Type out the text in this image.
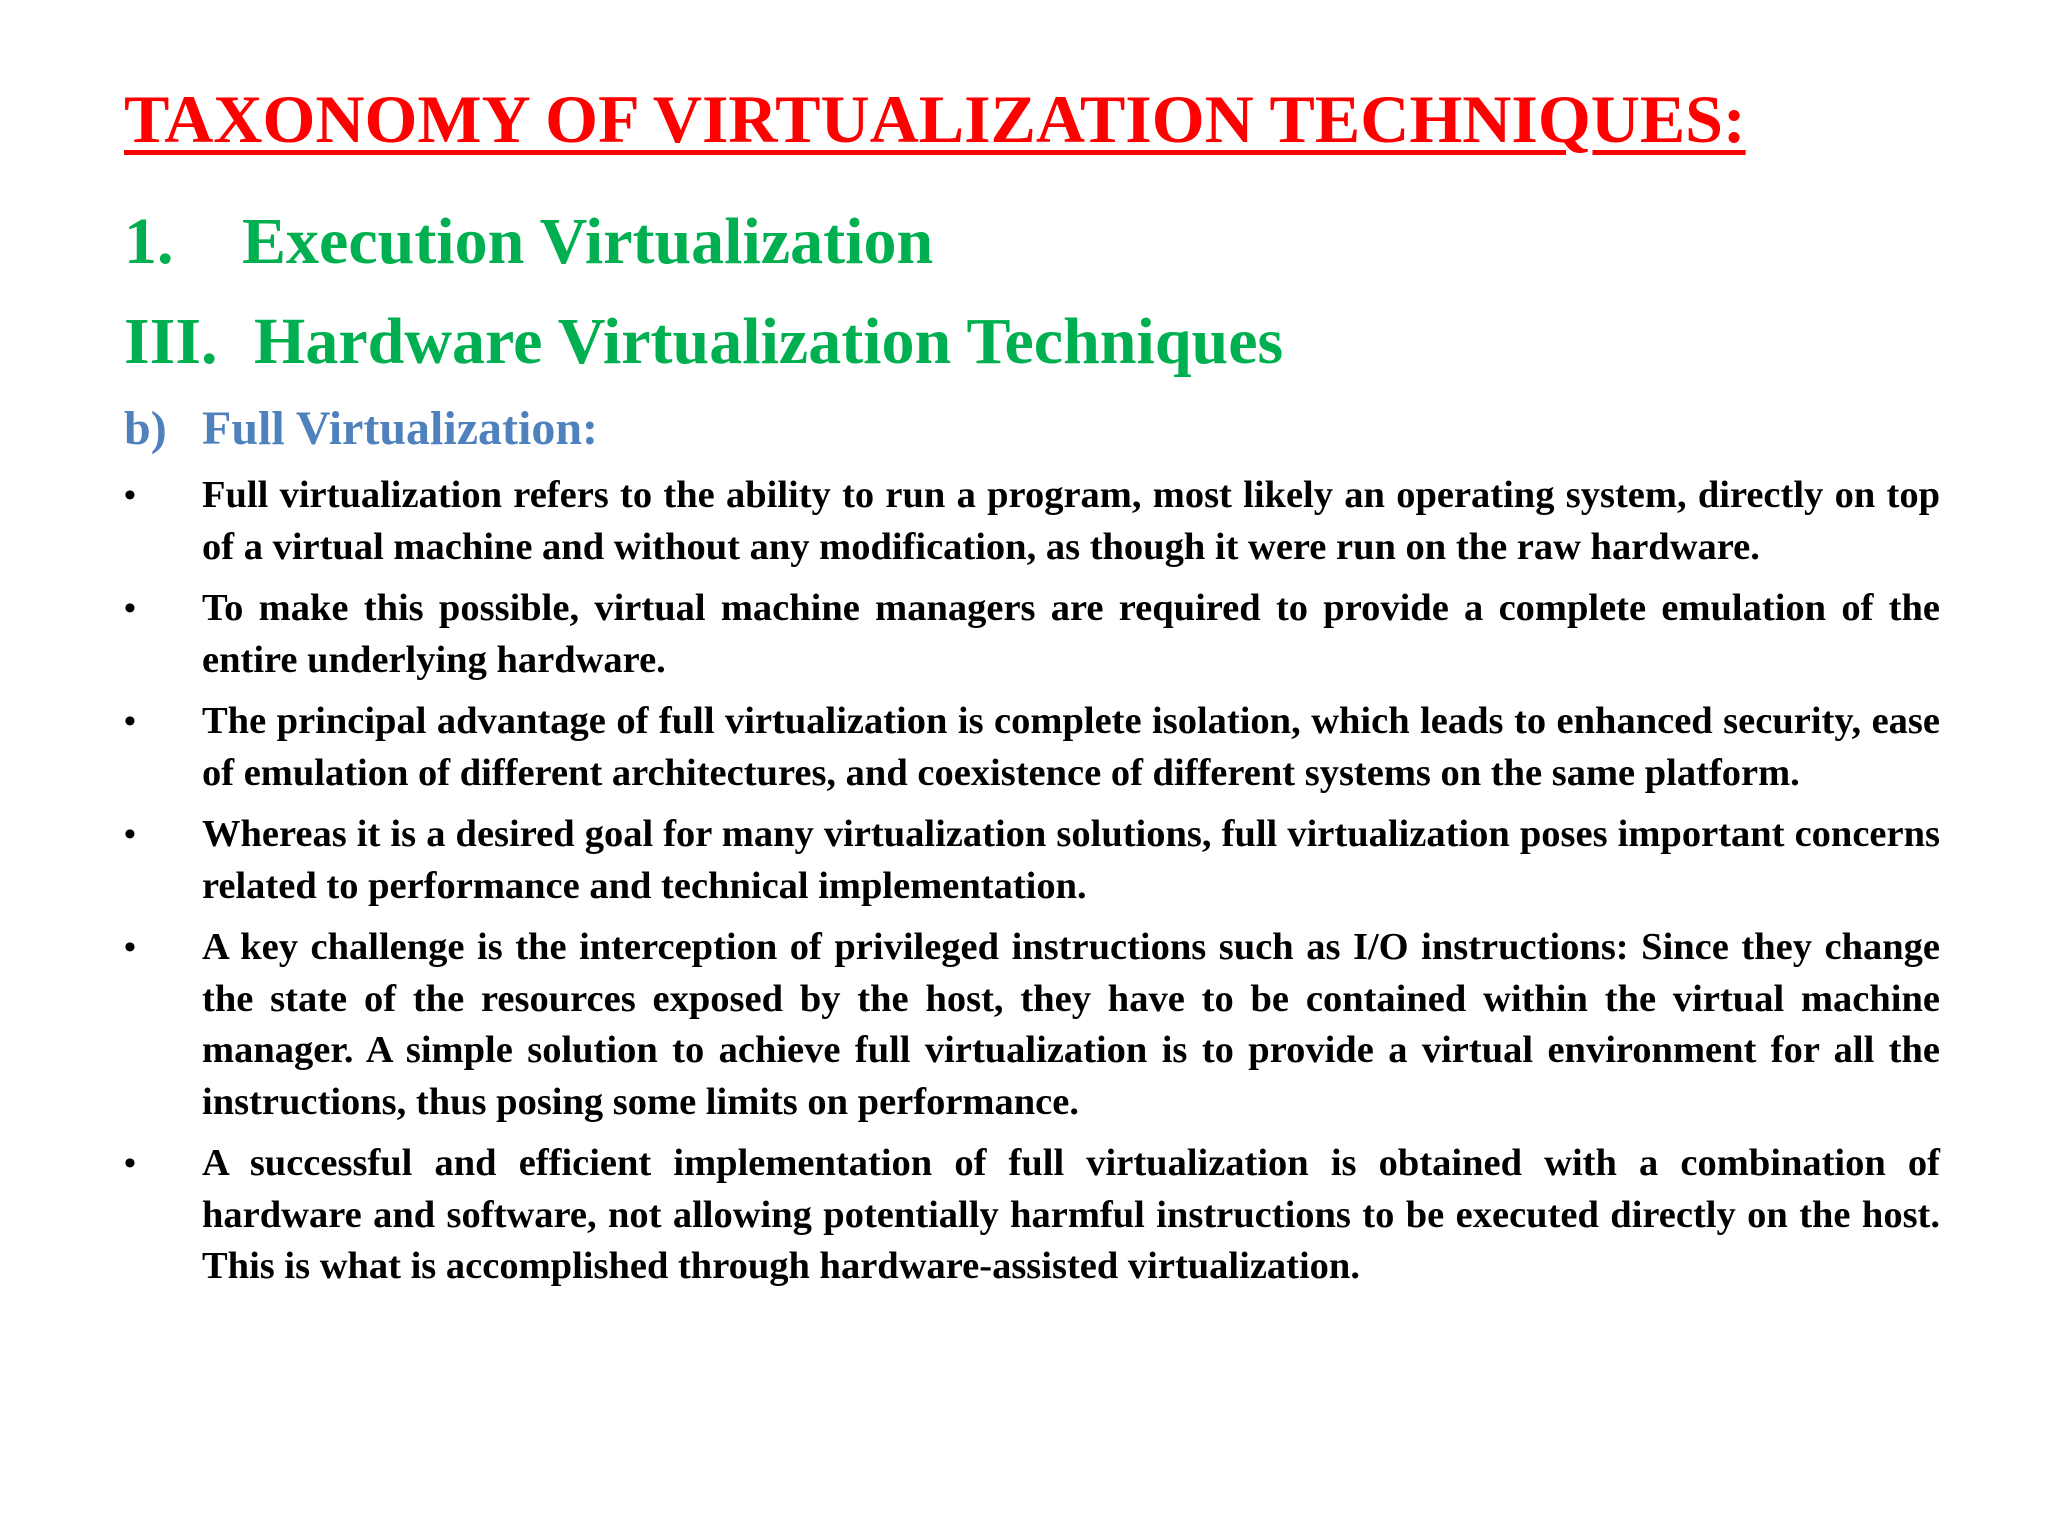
TAXONOMY OF VIRTUALIZATION TECHNIQUES:
1. Execution Virtualization
III. Hardware Virtualization Techniques
b) Full Virtualization:
• Full virtualization refers to the ability to run a program, most likely an operating system, directly on top of a virtual machine and without any modification, as though it were run on the raw hardware.
• To make this possible, virtual machine managers are required to provide a complete emulation of the entire underlying hardware.
• The principal advantage of full virtualization is complete isolation, which leads to enhanced security, ease of emulation of different architectures, and coexistence of different systems on the same platform.
• Whereas it is a desired goal for many virtualization solutions, full virtualization poses important concerns related to performance and technical implementation.
• A key challenge is the interception of privileged instructions such as I/O instructions: Since they change the state of the resources exposed by the host, they have to be contained within the virtual machine manager. A simple solution to achieve full virtualization is to provide a virtual environment for all the instructions, thus posing some limits on performance.
• A successful and efficient implementation of full virtualization is obtained with a combination of hardware and software, not allowing potentially harmful instructions to be executed directly on the host. This is what is accomplished through hardware-assisted virtualization.
